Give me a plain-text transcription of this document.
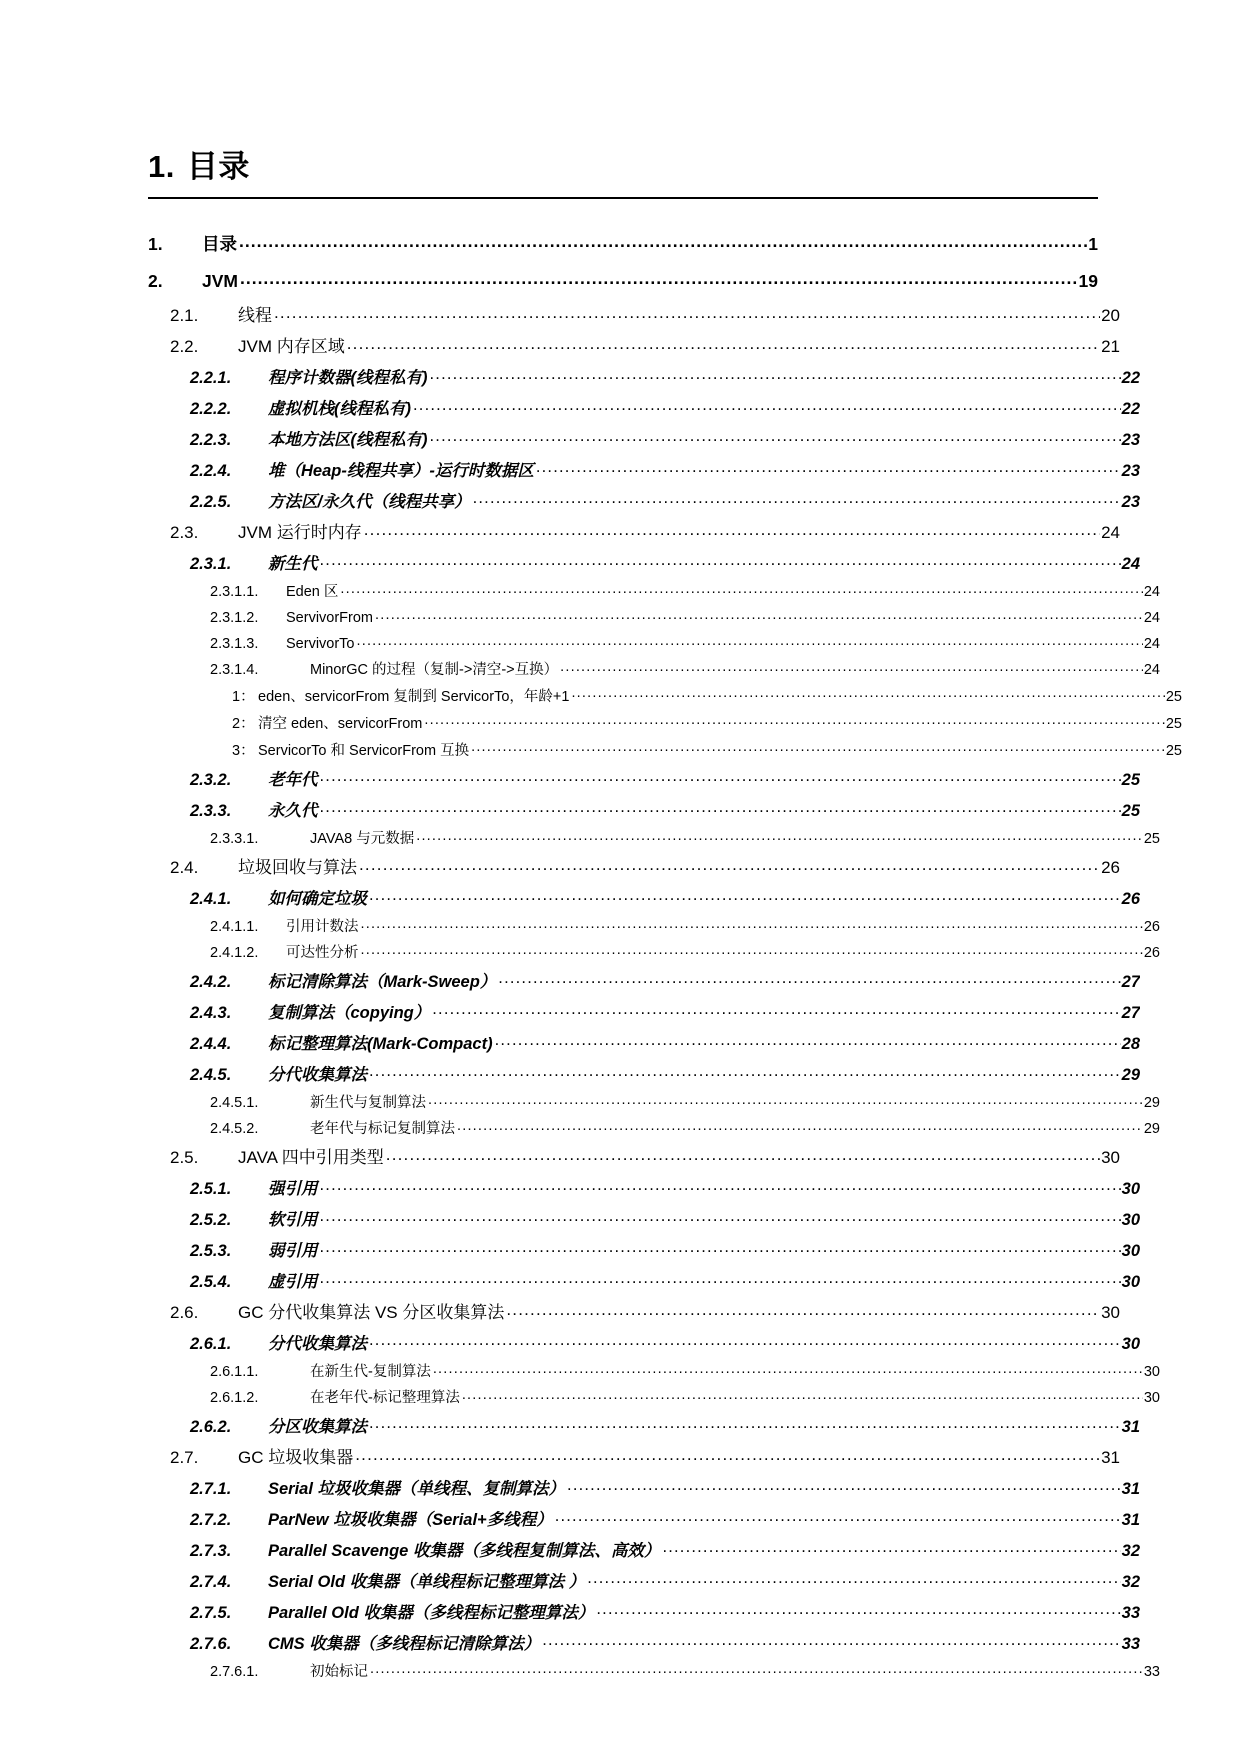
1. 目录
1.	目录 .....	1
2.	JVM .....	19
2.1.	线程 .....	20
2.2.	JVM 内存区域 .....	21
2.2.1.	程序计数器(线程私有) .....	22
2.2.2.	虚拟机栈(线程私有) .....	22
2.2.3.	本地方法区(线程私有) .....	23
2.2.4.	堆（Heap-线程共享）-运行时数据区 .....	23
2.2.5.	方法区/永久代（线程共享） .....	23
2.3.	JVM 运行时内存 .....	24
2.3.1.	新生代 .....	24
2.3.1.1.	Eden 区 .....	24
2.3.1.2.	ServivorFrom .....	24
2.3.1.3.	ServivorTo .....	24
2.3.1.4.	MinorGC 的过程（复制->清空->互换） .....	24
1： eden、servicorFrom 复制到 ServicorTo，年龄+1 .....	25
2： 清空 eden、servicorFrom .....	25
3： ServicorTo 和 ServicorFrom 互换 .....	25
2.3.2.	老年代 .....	25
2.3.3.	永久代 .....	25
2.3.3.1.	JAVA8 与元数据 .....	25
2.4.	垃圾回收与算法 .....	26
2.4.1.	如何确定垃圾 .....	26
2.4.1.1.	引用计数法 .....	26
2.4.1.2.	可达性分析 .....	26
2.4.2.	标记清除算法（Mark-Sweep） .....	27
2.4.3.	复制算法（copying） .....	27
2.4.4.	标记整理算法(Mark-Compact) .....	28
2.4.5.	分代收集算法 .....	29
2.4.5.1.	新生代与复制算法 .....	29
2.4.5.2.	老年代与标记复制算法 .....	29
2.5.	JAVA 四中引用类型 .....	30
2.5.1.	强引用 .....	30
2.5.2.	软引用 .....	30
2.5.3.	弱引用 .....	30
2.5.4.	虚引用 .....	30
2.6.	GC 分代收集算法 VS 分区收集算法 .....	30
2.6.1.	分代收集算法 .....	30
2.6.1.1.	在新生代-复制算法 .....	30
2.6.1.2.	在老年代-标记整理算法 .....	30
2.6.2.	分区收集算法 .....	31
2.7.	GC 垃圾收集器 .....	31
2.7.1.	Serial 垃圾收集器（单线程、复制算法） .....	31
2.7.2.	ParNew 垃圾收集器（Serial+多线程） .....	31
2.7.3.	Parallel Scavenge 收集器（多线程复制算法、高效） .....	32
2.7.4.	Serial Old 收集器（单线程标记整理算法 ） .....	32
2.7.5.	Parallel Old 收集器（多线程标记整理算法） .....	33
2.7.6.	CMS 收集器（多线程标记清除算法） .....	33
2.7.6.1.	初始标记 .....	33
